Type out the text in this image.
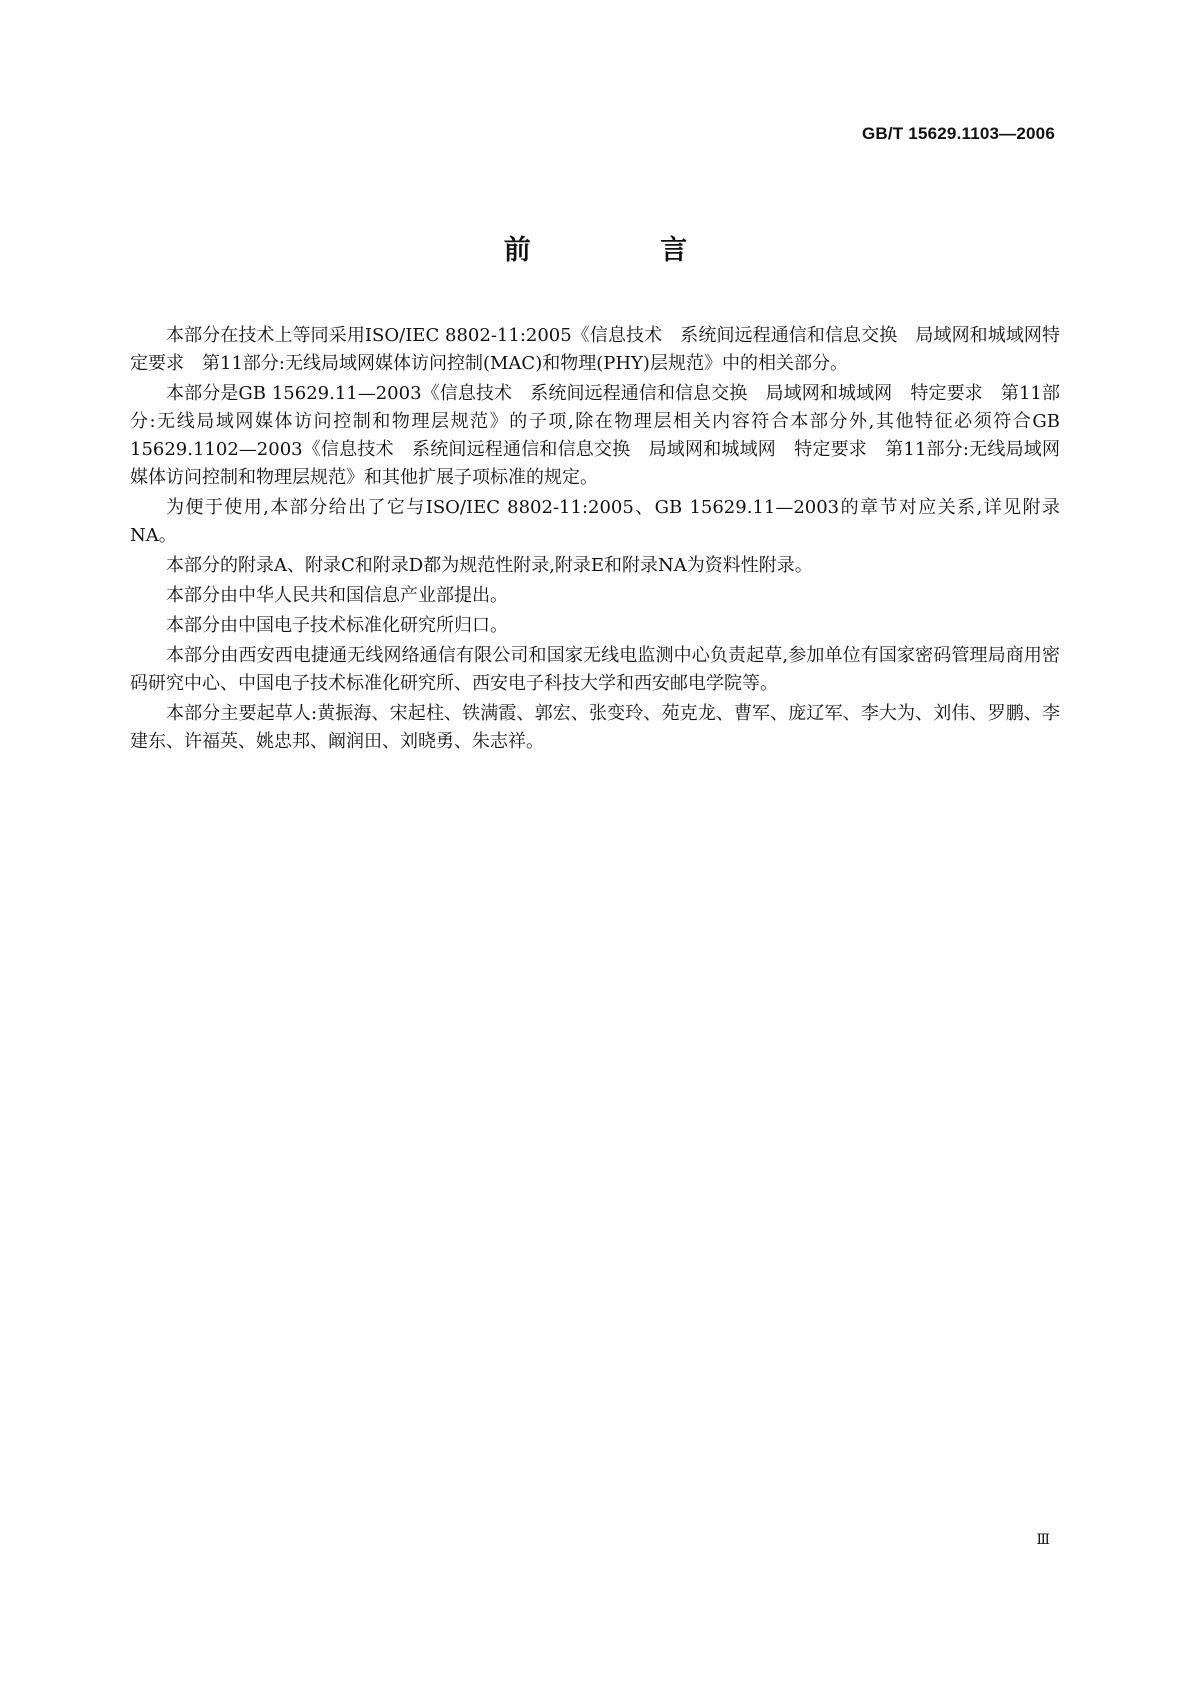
GB/T 15629.1103—2006
前 言

本部分在技术上等同采用ISO/IEC 8802-11:2005《信息技术　系统间远程通信和信息交换　局域网和城域网特定要求　第11部分:无线局域网媒体访问控制(MAC)和物理(PHY)层规范》中的相关部分。

本部分是GB 15629.11—2003《信息技术　系统间远程通信和信息交换　局域网和城域网　特定要求　第11部分:无线局域网媒体访问控制和物理层规范》的子项,除在物理层相关内容符合本部分外,其他特征必须符合GB 15629.1102—2003《信息技术　系统间远程通信和信息交换　局域网和城域网　特定要求　第11部分:无线局域网媒体访问控制和物理层规范》和其他扩展子项标准的规定。

为便于使用,本部分给出了它与ISO/IEC 8802-11:2005、GB 15629.11—2003的章节对应关系,详见附录NA。

本部分的附录A、附录C和附录D都为规范性附录,附录E和附录NA为资料性附录。

本部分由中华人民共和国信息产业部提出。

本部分由中国电子技术标准化研究所归口。

本部分由西安西电捷通无线网络通信有限公司和国家无线电监测中心负责起草,参加单位有国家密码管理局商用密码研究中心、中国电子技术标准化研究所、西安电子科技大学和西安邮电学院等。

本部分主要起草人:黄振海、宋起柱、铁满霞、郭宏、张变玲、苑克龙、曹军、庞辽军、李大为、刘伟、罗鹏、李建东、许福英、姚忠邦、阚润田、刘晓勇、朱志祥。

Ⅲ
